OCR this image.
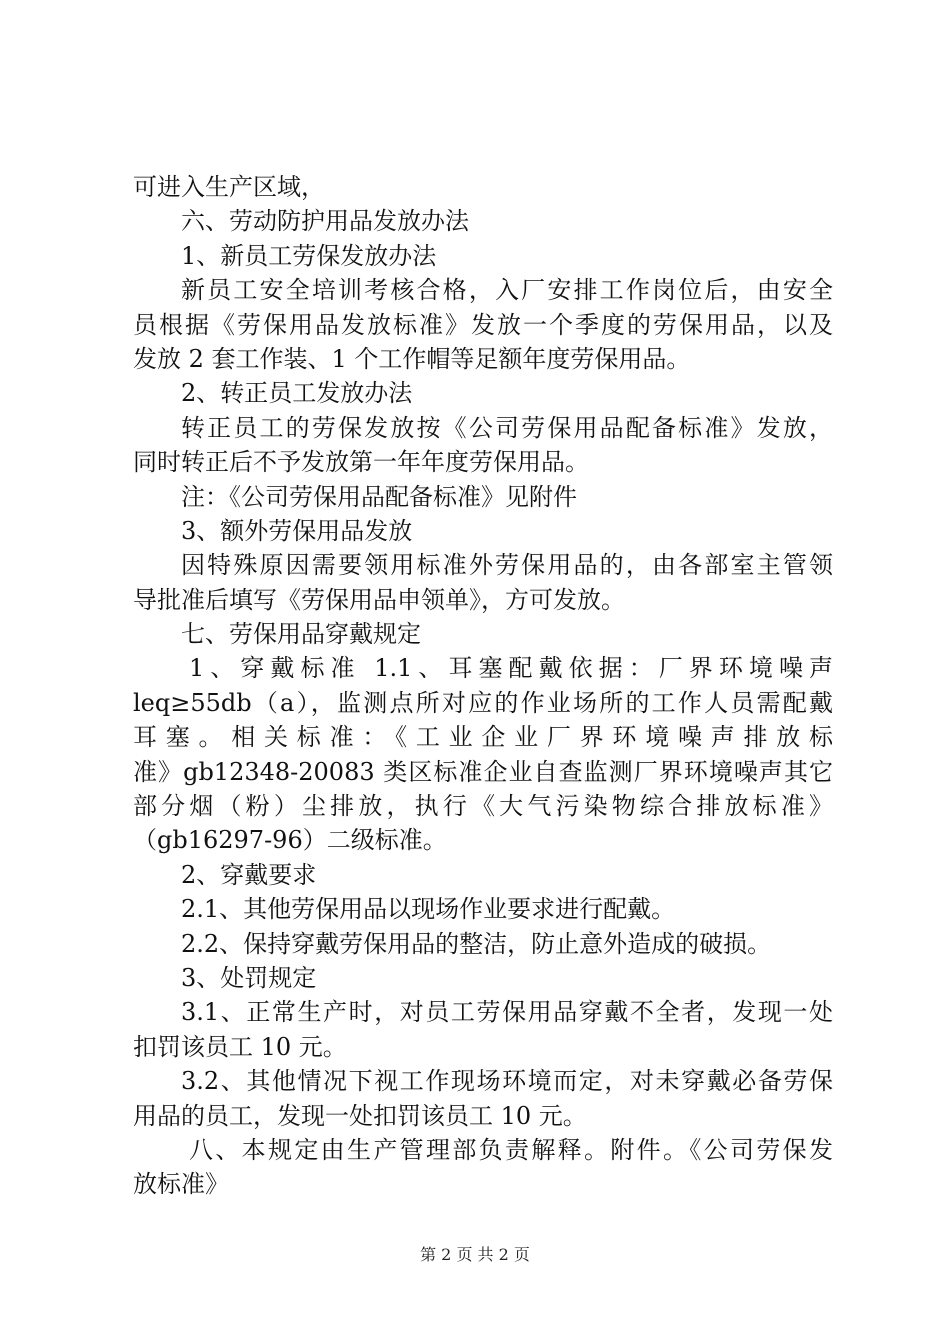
可进入生产区域，
六、劳动防护用品发放办法
1、新员工劳保发放办法
新员工安全培训考核合格，入厂安排工作岗位后，由安全
员根据《劳保用品发放标准》发放一个季度的劳保用品，以及
发放 2 套工作装、1 个工作帽等足额年度劳保用品。
2、转正员工发放办法
转正员工的劳保发放按《公司劳保用品配备标准》发放，
同时转正后不予发放第一年年度劳保用品。
注：《公司劳保用品配备标准》见附件
3、额外劳保用品发放
因特殊原因需要领用标准外劳保用品的，由各部室主管领
导批准后填写《劳保用品申领单》，方可发放。
七、劳保用品穿戴规定
1、穿戴标准 1.1、耳塞配戴依据：厂界环境噪声
leq≥55db（a），监测点所对应的作业场所的工作人员需配戴
耳塞。相关标准：《工业企业厂界环境噪声排放标
准》gb12348-20083 类区标准企业自查监测厂界环境噪声其它
部分烟（粉）尘排放，执行《大气污染物综合排放标准》
（gb16297-96）二级标准。
2、穿戴要求
2.1、其他劳保用品以现场作业要求进行配戴。
2.2、保持穿戴劳保用品的整洁，防止意外造成的破损。
3、处罚规定
3.1、正常生产时，对员工劳保用品穿戴不全者，发现一处
扣罚该员工 10 元。
3.2、其他情况下视工作现场环境而定，对未穿戴必备劳保
用品的员工，发现一处扣罚该员工 10 元。
八、本规定由生产管理部负责解释。附件。《公司劳保发
放标准》
第 2 页 共 2 页
